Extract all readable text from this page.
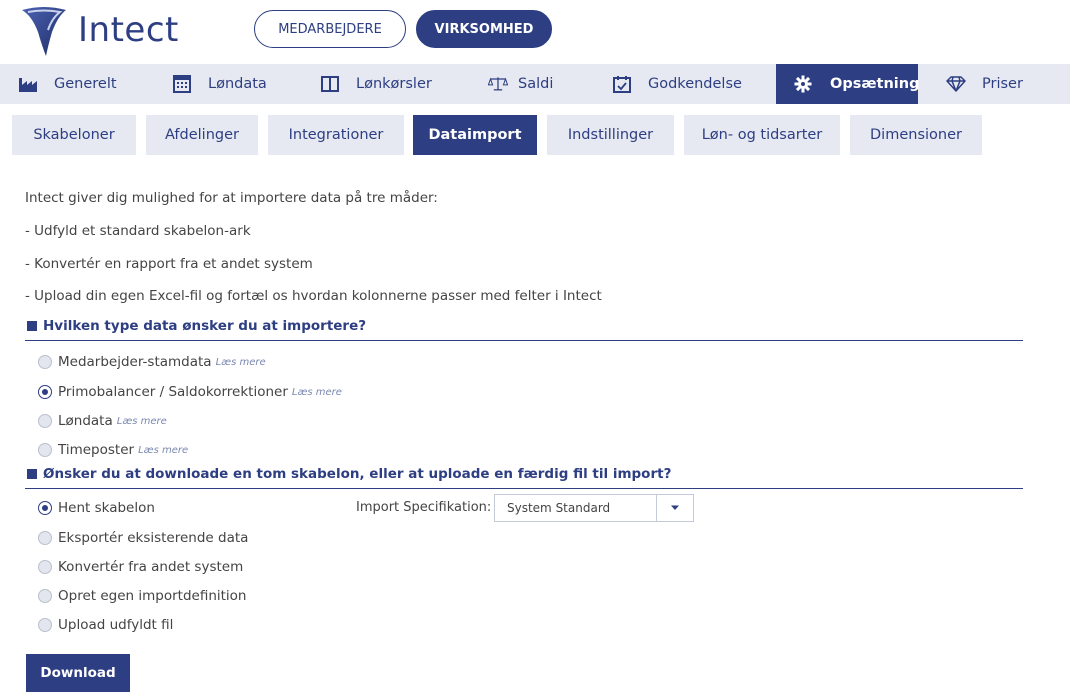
Intect	MEDARBEJDERE	VIRKSOMHED
Generelt	Løndata	Lønkørsler	Saldi	Godkendelse	Opsætning	Priser
Skabeloner	Afdelinger	Integrationer	Dataimport	Indstillinger	Løn- og tidsarter	Dimensioner
Intect giver dig mulighed for at importere data på tre måder:
- Udfyld et standard skabelon-ark
- Konvertér en rapport fra et andet system
- Upload din egen Excel-fil og fortæl os hvordan kolonnerne passer med felter i Intect
Hvilken type data ønsker du at importere?
Medarbejder-stamdata Læs mere
Primobalancer / Saldokorrektioner Læs mere
Løndata Læs mere
Timeposter Læs mere
Ønsker du at downloade en tom skabelon, eller at uploade en færdig fil til import?
Hent skabelon
Eksportér eksisterende data
Konvertér fra andet system
Opret egen importdefinition
Upload udfyldt fil
Import Specifikation:	System Standard
Download
